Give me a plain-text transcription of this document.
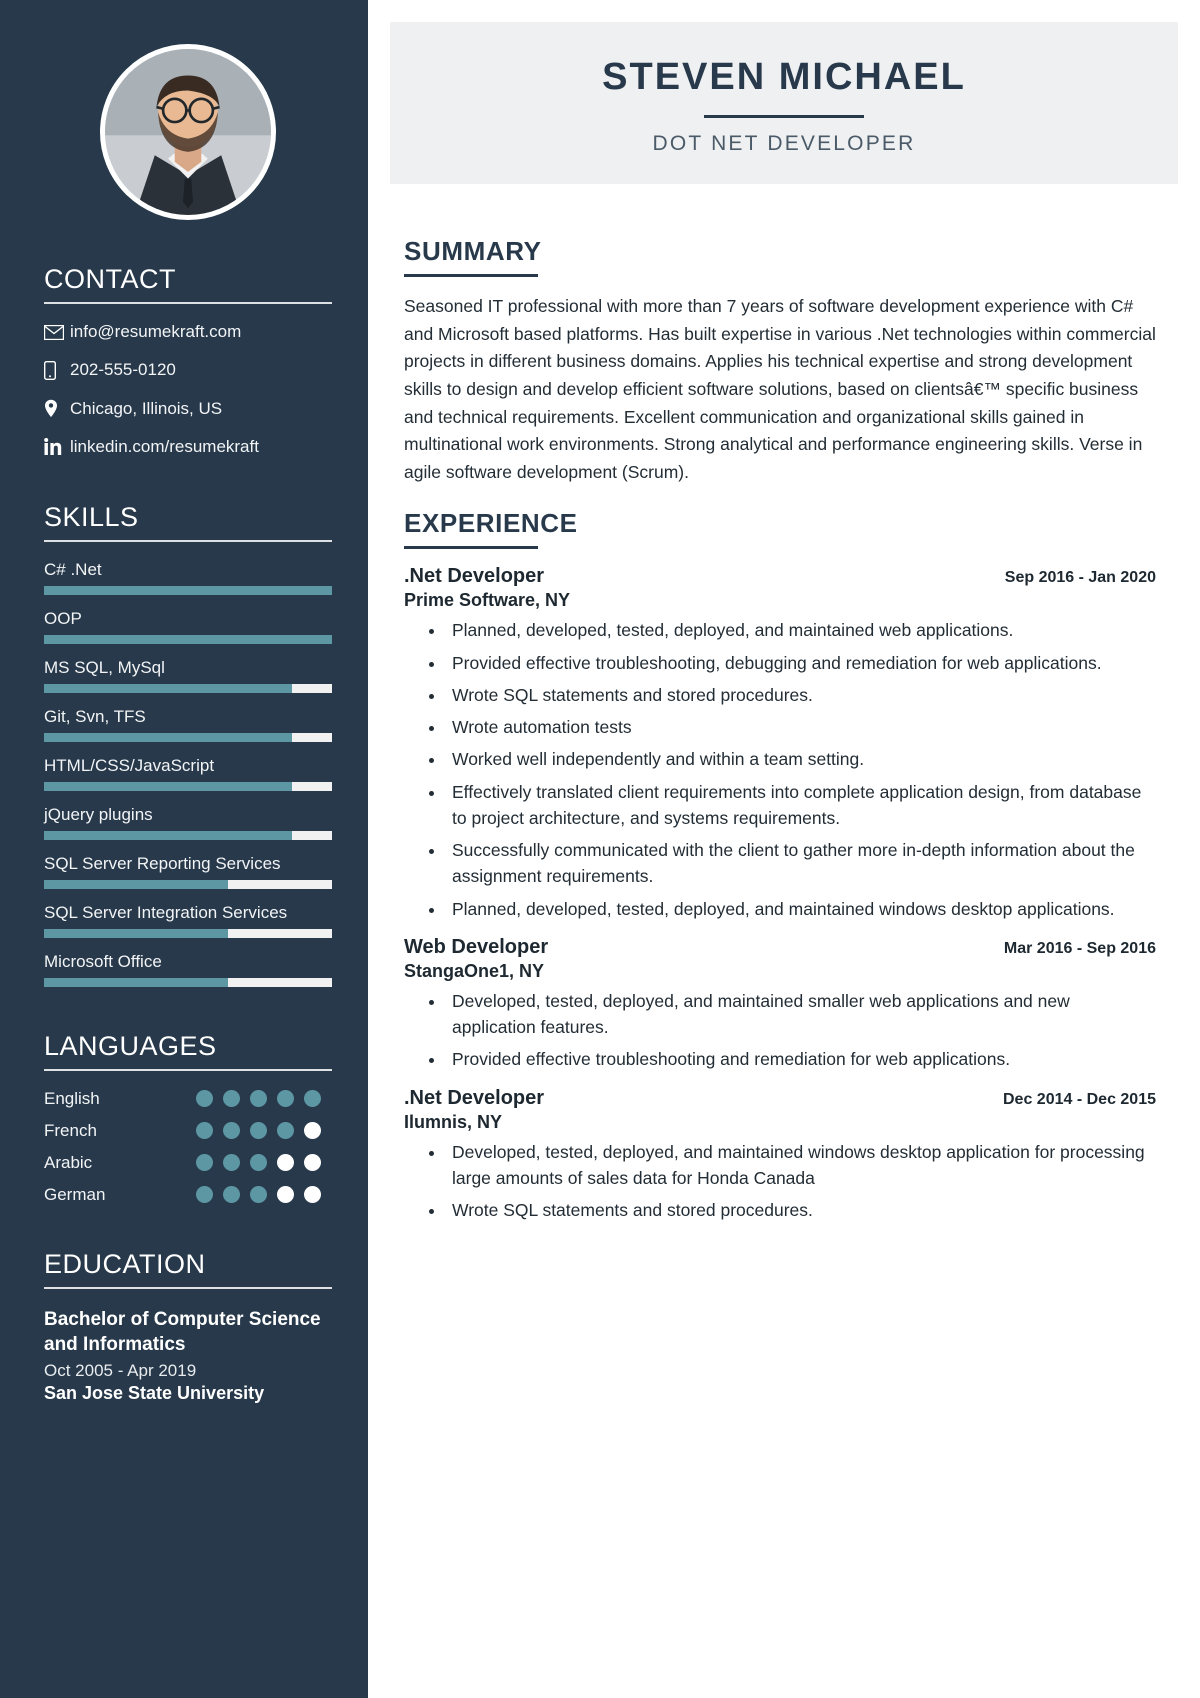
CONTACT
info@resumekraft.com
202-555-0120
Chicago, Illinois, US
linkedin.com/resumekraft
SKILLS
C# .Net
OOP
MS SQL, MySql
Git, Svn, TFS
HTML/CSS/JavaScript
jQuery plugins
SQL Server Reporting Services
SQL Server Integration Services
Microsoft Office
LANGUAGES
English
French
Arabic
German
EDUCATION
Bachelor of Computer Science and Informatics
Oct 2005 - Apr 2019
San Jose State University
STEVEN MICHAEL
DOT NET DEVELOPER
SUMMARY

Seasoned IT professional with more than 7 years of software development experience with C# and Microsoft based platforms. Has built expertise in various .Net technologies within commercial projects in different business domains. Applies his technical expertise and strong development skills to design and develop efficient software solutions, based on clientsâ€™ specific business and technical requirements. Excellent communication and organizational skills gained in multinational work environments. Strong analytical and performance engineering skills. Verse in agile software development (Scrum).

EXPERIENCE
.Net Developer	Sep 2016 - Jan 2020
Prime Software, NY
• Planned, developed, tested, deployed, and maintained web applications.
• Provided effective troubleshooting, debugging and remediation for web applications.
• Wrote SQL statements and stored procedures.
• Wrote automation tests
• Worked well independently and within a team setting.
• Effectively translated client requirements into complete application design, from database to project architecture, and systems requirements.
• Successfully communicated with the client to gather more in-depth information about the assignment requirements.
• Planned, developed, tested, deployed, and maintained windows desktop applications.
Web Developer	Mar 2016 - Sep 2016
StangaOne1, NY
• Developed, tested, deployed, and maintained smaller web applications and new application features.
• Provided effective troubleshooting and remediation for web applications.
.Net Developer	Dec 2014 - Dec 2015
Ilumnis, NY
• Developed, tested, deployed, and maintained windows desktop application for processing large amounts of sales data for Honda Canada
• Wrote SQL statements and stored procedures.
